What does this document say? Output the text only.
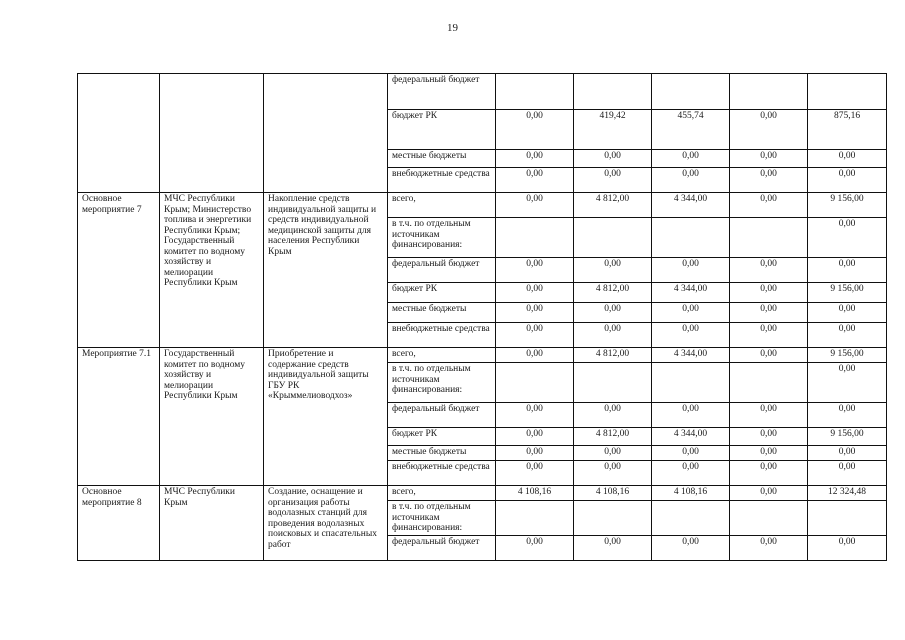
19
			федеральный бюджет					
			бюджет РК	0,00	419,42	455,74	0,00	875,16
			местные бюджеты	0,00	0,00	0,00	0,00	0,00
			внебюджетные средства	0,00	0,00	0,00	0,00	0,00
Основное мероприятие 7	МЧС Республики Крым; Министерство топлива и энергетики Республики Крым; Государственный комитет по водному хозяйству и мелиорации Республики Крым	Накопление средств индивидуальной защиты и средств индивидуальной медицинской защиты для населения Республики Крым	всего,	0,00	4 812,00	4 344,00	0,00	9 156,00
			в т.ч. по отдельным источникам финансирования:					0,00
			федеральный бюджет	0,00	0,00	0,00	0,00	0,00
			бюджет РК	0,00	4 812,00	4 344,00	0,00	9 156,00
			местные бюджеты	0,00	0,00	0,00	0,00	0,00
			внебюджетные средства	0,00	0,00	0,00	0,00	0,00
Мероприятие 7.1	Государственный комитет по водному хозяйству и мелиорации Республики Крым	Приобретение и содержание средств индивидуальной защиты ГБУ РК «Крыммелиоводхоз»	всего,	0,00	4 812,00	4 344,00	0,00	9 156,00
			в т.ч. по отдельным источникам финансирования:					0,00
			федеральный бюджет	0,00	0,00	0,00	0,00	0,00
			бюджет РК	0,00	4 812,00	4 344,00	0,00	9 156,00
			местные бюджеты	0,00	0,00	0,00	0,00	0,00
			внебюджетные средства	0,00	0,00	0,00	0,00	0,00
Основное мероприятие 8	МЧС Республики Крым	Создание, оснащение и организация работы водолазных станций для проведения водолазных поисковых и спасательных работ	всего,	4 108,16	4 108,16	4 108,16	0,00	12 324,48
			в т.ч. по отдельным источникам финансирования:					
			федеральный бюджет	0,00	0,00	0,00	0,00	0,00
